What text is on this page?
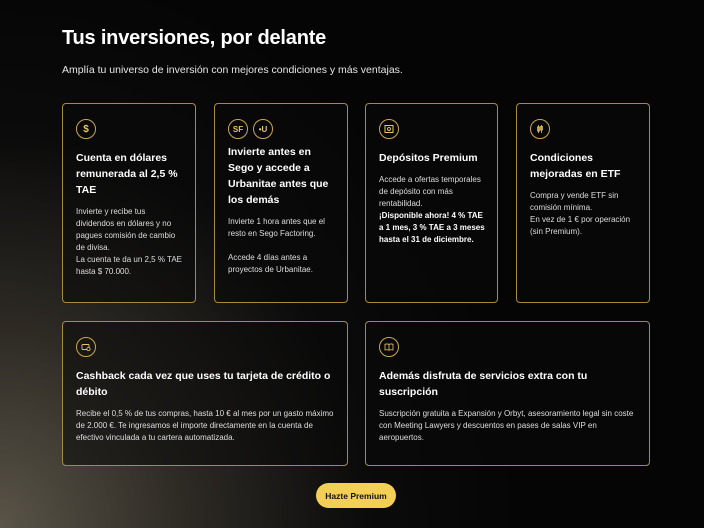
Tus inversiones, por delante
Amplía tu universo de inversión con mejores condiciones y más ventajas.
$
Cuenta en dólares remunerada al 2,5 % TAE

Invierte y recibe tus dividendos en dólares y no pagues comisión de cambio de divisa.
La cuenta te da un 2,5 % TAE hasta $ 70.000.

SF	•U
Invierte antes en Sego y accede a Urbanitae antes que los demás

Invierte 1 hora antes que el resto en Sego Factoring.

Accede 4 días antes a proyectos de Urbanitae.

Depósitos Premium

Accede a ofertas temporales de depósito con más rentabilidad.

¡Disponible ahora! 4 % TAE a 1 mes, 3 % TAE a 3 meses hasta el 31 de diciembre.

Condiciones mejoradas en ETF

Compra y vende ETF sin comisión mínima.
En vez de 1 € por operación (sin Premium).

Cashback cada vez que uses tu tarjeta de crédito o débito

Recibe el 0,5 % de tus compras, hasta 10 € al mes por un gasto máximo de 2.000 €. Te ingresamos el importe directamente en la cuenta de efectivo vinculada a tu cartera automatizada.

Además disfruta de servicios extra con tu suscripción

Suscripción gratuita a Expansión y Orbyt, asesoramiento legal sin coste con Meeting Lawyers y descuentos en pases de salas VIP en aeropuertos.

Hazte Premium
